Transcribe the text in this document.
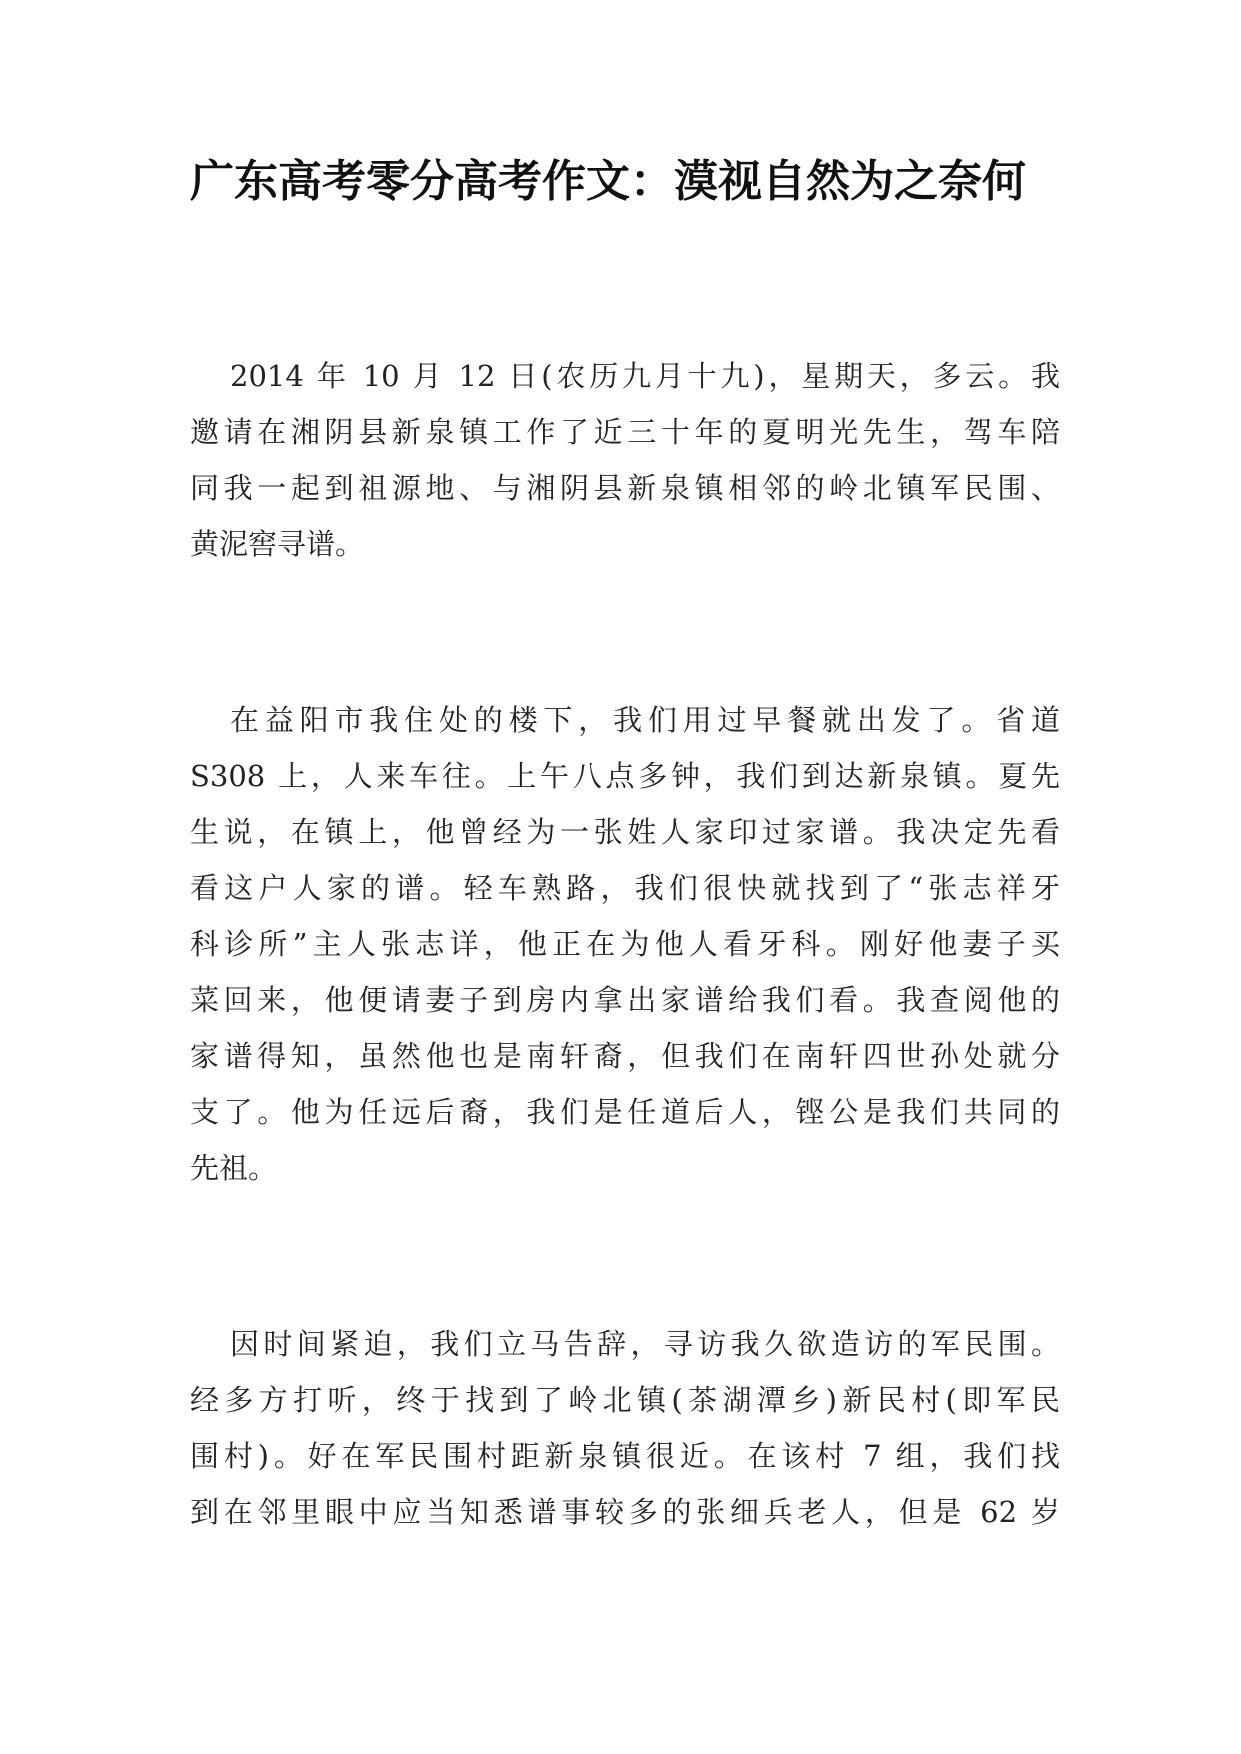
广东高考零分高考作文：漠视自然为之奈何
2014 年 10 月 12 日(农历九月十九)，星期天，多云。我
邀请在湘阴县新泉镇工作了近三十年的夏明光先生，驾车陪
同我一起到祖源地、与湘阴县新泉镇相邻的岭北镇军民围、
黄泥窖寻谱。
在益阳市我住处的楼下，我们用过早餐就出发了。省道
S308 上，人来车往。上午八点多钟，我们到达新泉镇。夏先
生说，在镇上，他曾经为一张姓人家印过家谱。我决定先看
看这户人家的谱。轻车熟路，我们很快就找到了“张志祥牙
科诊所”主人张志详，他正在为他人看牙科。刚好他妻子买
菜回来，他便请妻子到房内拿出家谱给我们看。我查阅他的
家谱得知，虽然他也是南轩裔，但我们在南轩四世孙处就分
支了。他为任远后裔，我们是任道后人，铿公是我们共同的
先祖。
因时间紧迫，我们立马告辞，寻访我久欲造访的军民围。
经多方打听，终于找到了岭北镇(茶湖潭乡)新民村(即军民
围村)。好在军民围村距新泉镇很近。在该村 7 组，我们找
到在邻里眼中应当知悉谱事较多的张细兵老人，但是 62 岁
